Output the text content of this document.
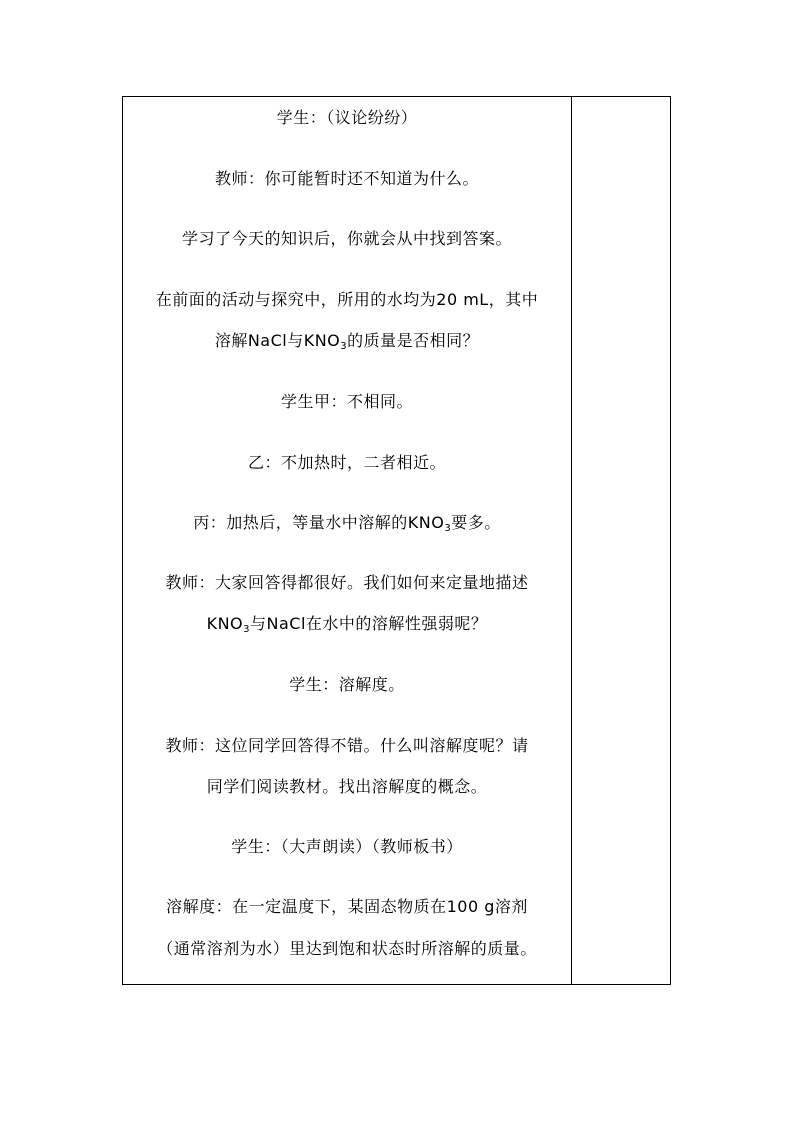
学生：（议论纷纷）
教师：你可能暂时还不知道为什么。
学习了今天的知识后，你就会从中找到答案。
在前面的活动与探究中，所用的水均为20 mL，其中
溶解NaCl与$KNO_3$的质量是否相同？
学生甲：不相同。
乙：不加热时，二者相近。
丙：加热后，等量水中溶解的$KNO_3$要多。
教师：大家回答得都很好。我们如何来定量地描述
$KNO_3$与NaCl在水中的溶解性强弱呢？
学生：溶解度。
教师：这位同学回答得不错。什么叫溶解度呢？请
同学们阅读教材。找出溶解度的概念。
学生：（大声朗读）（教师板书）
溶解度：在一定温度下，某固态物质在100 g溶剂
（通常溶剂为水）里达到饱和状态时所溶解的质量。
